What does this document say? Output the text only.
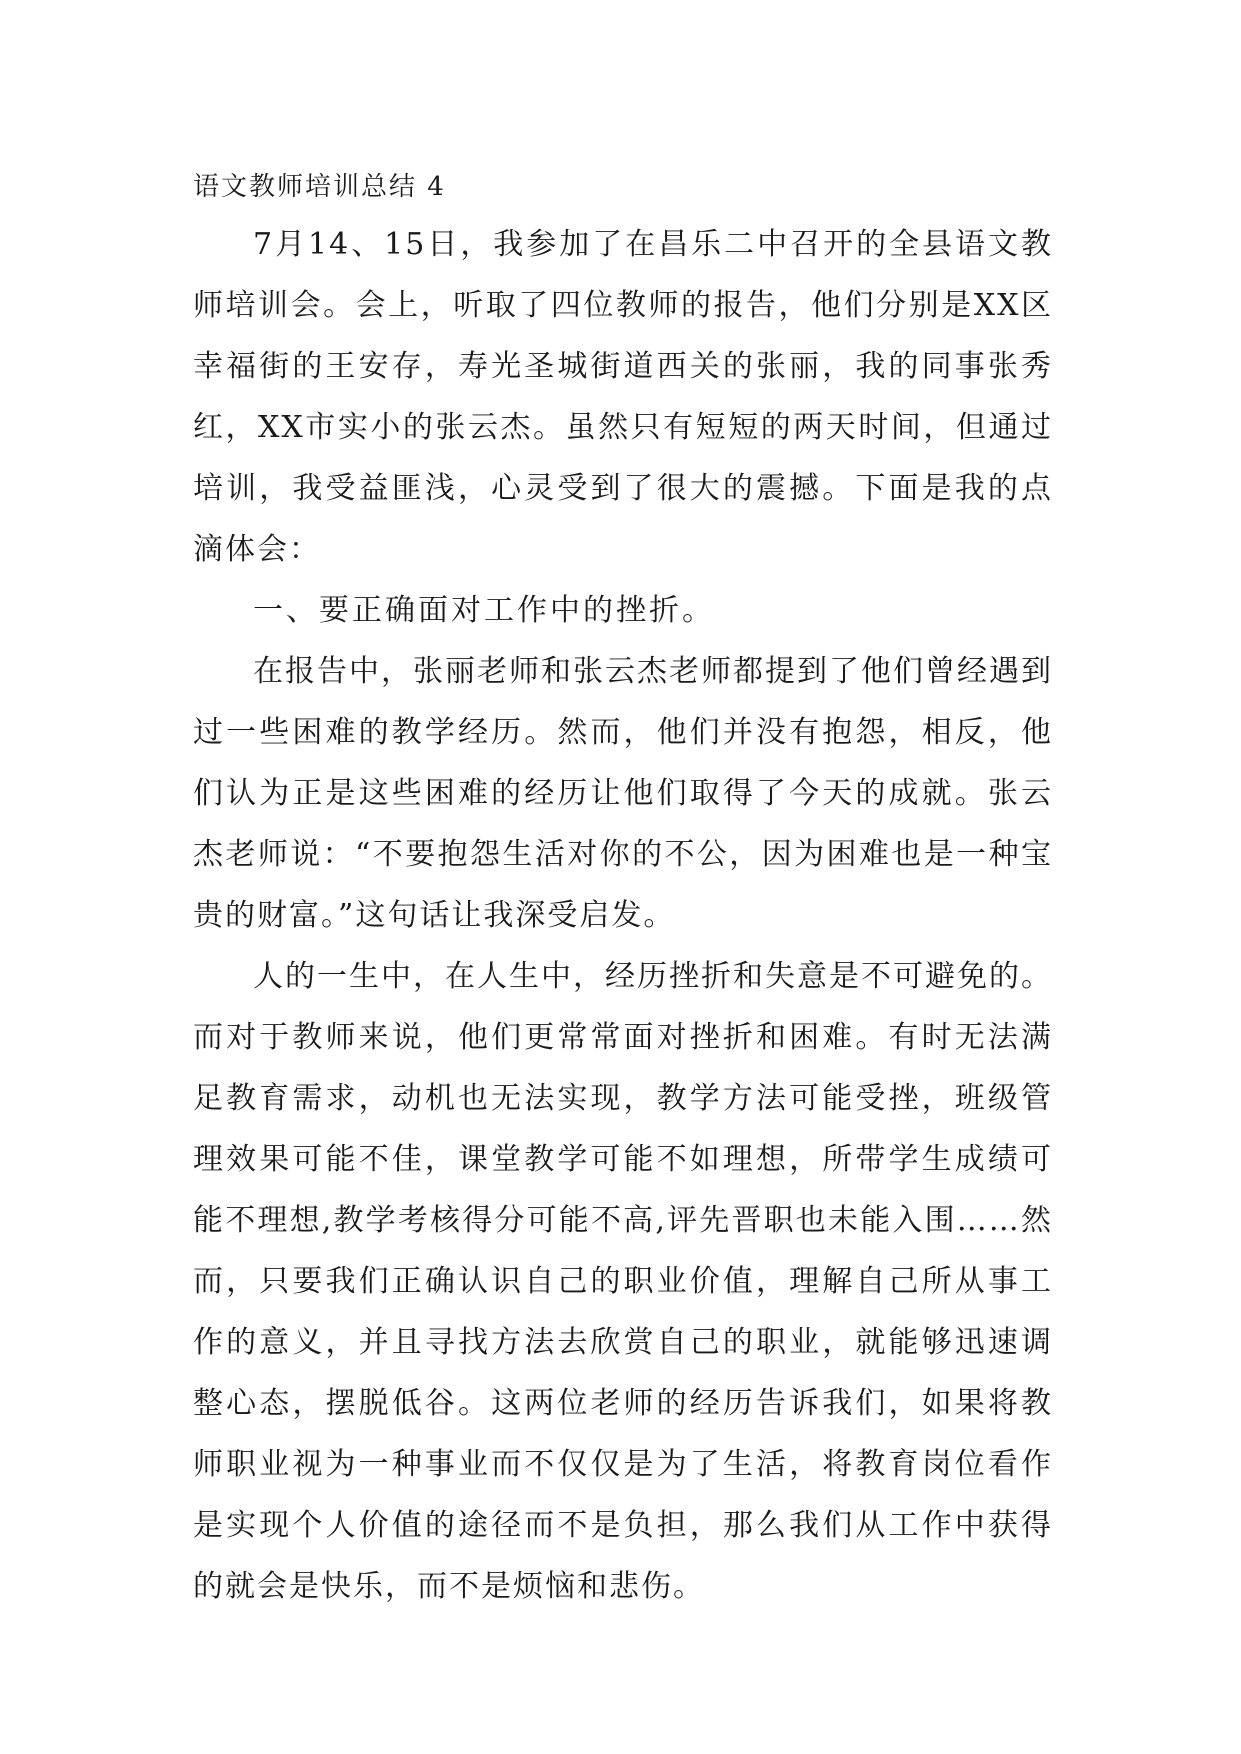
语文教师培训总结 4

7月14、15日，我参加了在昌乐二中召开的全县语文教师培训会。会上，听取了四位教师的报告，他们分别是XX区幸福街的王安存，寿光圣城街道西关的张丽，我的同事张秀红，XX市实小的张云杰。虽然只有短短的两天时间，但通过培训，我受益匪浅，心灵受到了很大的震撼。下面是我的点滴体会：

一、要正确面对工作中的挫折。

在报告中，张丽老师和张云杰老师都提到了他们曾经遇到过一些困难的教学经历。然而，他们并没有抱怨，相反，他们认为正是这些困难的经历让他们取得了今天的成就。张云杰老师说：“不要抱怨生活对你的不公，因为困难也是一种宝贵的财富。”这句话让我深受启发。

人的一生中，在人生中，经历挫折和失意是不可避免的。而对于教师来说，他们更常常面对挫折和困难。有时无法满足教育需求，动机也无法实现，教学方法可能受挫，班级管理效果可能不佳，课堂教学可能不如理想，所带学生成绩可能不理想,教学考核得分可能不高,评先晋职也未能入围……然而，只要我们正确认识自己的职业价值，理解自己所从事工作的意义，并且寻找方法去欣赏自己的职业，就能够迅速调整心态，摆脱低谷。这两位老师的经历告诉我们，如果将教师职业视为一种事业而不仅仅是为了生活，将教育岗位看作是实现个人价值的途径而不是负担，那么我们从工作中获得的就会是快乐，而不是烦恼和悲伤。
